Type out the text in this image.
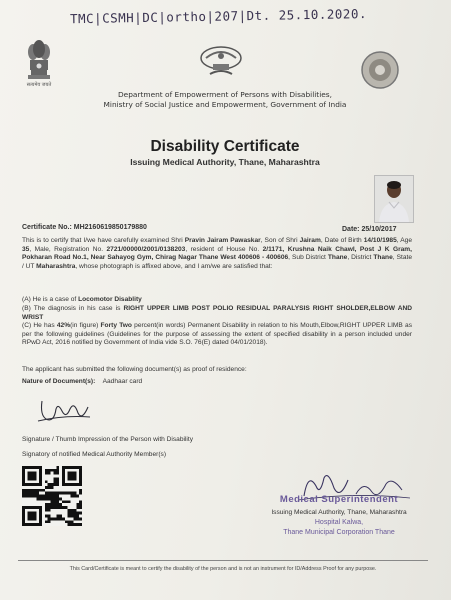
TMC|CSMH|DC|ortho|207|Dt. 25.10.2020.
सत्यमेव जयते
Department of Empowerment of Persons with Disabilities,
Ministry of Social Justice and Empowerment, Government of India
Disability Certificate
Issuing Medical Authority, Thane, Maharashtra
Certificate No.: MH2160619850179880	Date: 25/10/2017
This is to certify that I/we have carefully examined Shri Pravin Jairam Pawaskar, Son of Shri Jairam, Date of Birth 14/10/1985, Age 35, Male, Registration No. 2721/00000/2001/0138203, resident of House No. 2/1171, Krushna Naik Chawl, Post J K Gram, Pokharan Road No.1, Near Sahayog Gym, Chirag Nagar Thane West 400606 - 400606, Sub District Thane, District Thane, State / UT Maharashtra, whose photograph is affixed above, and I am/we are satisfied that:
(A) He is a case of Locomotor Disablity
(B) The diagnosis in his case is RIGHT UPPER LIMB POST POLIO RESIDUAL PARALYSIS RIGHT SHOLDER,ELBOW AND WRIST
(C) He has 42%(in figure) Forty Two percent(in words) Permanent Disability in relation to his Mouth,Elbow,RIGHT UPPER LIMB as per the following guidelines (Guidelines for the purpose of assessing the extent of specified disability in a person included under RPwD Act, 2016 notified by Government of India vide S.O. 76(E) dated 04/01/2018).
The applicant has submitted the following document(s) as proof of residence:
Nature of Document(s): Aadhaar card
Signature / Thumb Impression of the Person with Disability
Signatory of notified Medical Authority Member(s)
Medical Superintendent
Issuing Medical Authority, Thane, Maharashtra
Hospital Kalwa,
Thane Municipal Corporation Thane
This Card/Certificate is meant to certify the disability of the person and is not an instrument for ID/Address Proof for any purpose.
